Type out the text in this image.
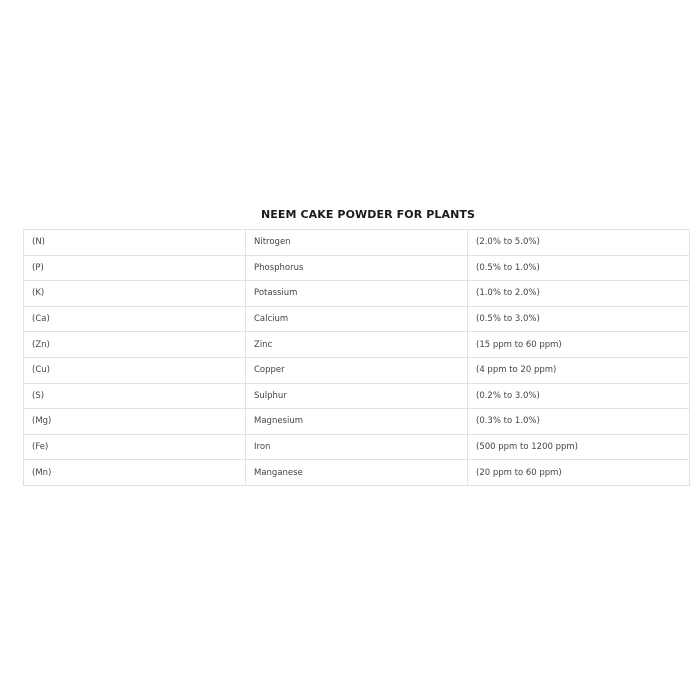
NEEM CAKE POWDER FOR PLANTS
(N)	Nitrogen	(2.0% to 5.0%)
(P)	Phosphorus	(0.5% to 1.0%)
(K)	Potassium	(1.0% to 2.0%)
(Ca)	Calcium	(0.5% to 3.0%)
(Zn)	Zinc	(15 ppm to 60 ppm)
(Cu)	Copper	(4 ppm to 20 ppm)
(S)	Sulphur	(0.2% to 3.0%)
(Mg)	Magnesium	(0.3% to 1.0%)
(Fe)	Iron	(500 ppm to 1200 ppm)
(Mn)	Manganese	(20 ppm to 60 ppm)
